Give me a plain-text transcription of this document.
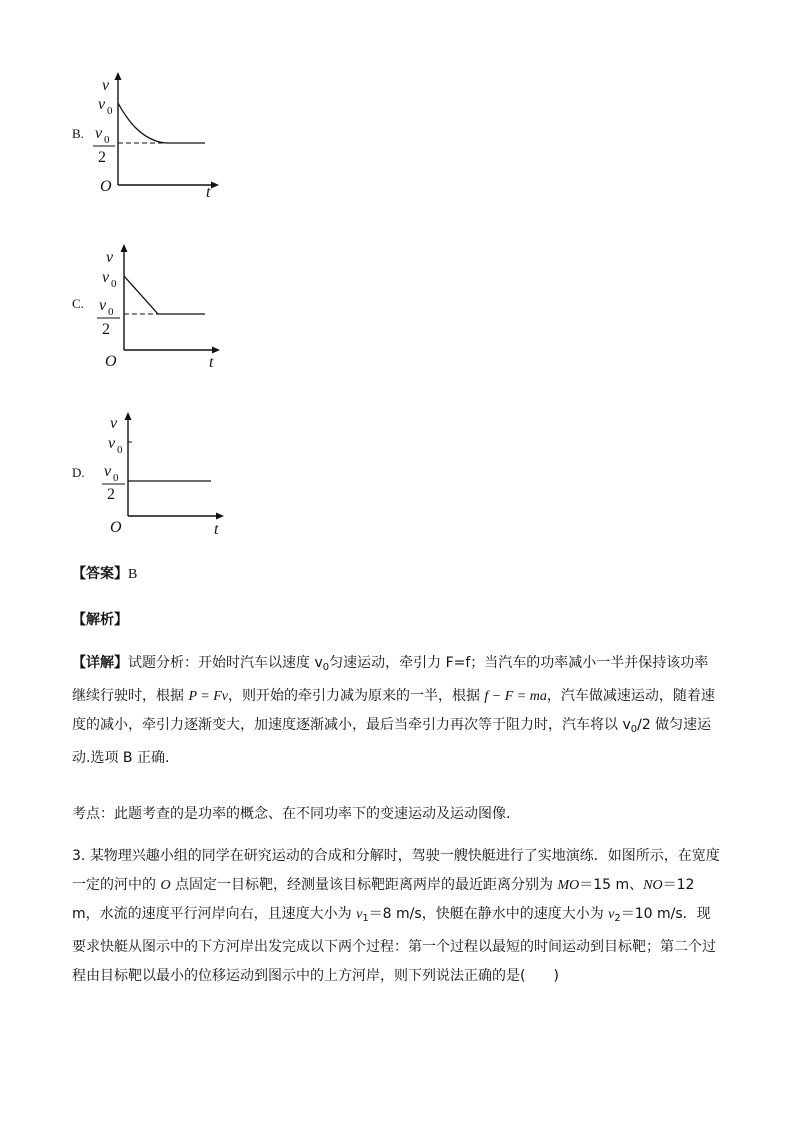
B.
v
t
O
v 0
v 0
2
C.
v
t
O
v 0
v 0
2
D.
v
t
O
v 0
v 0
2
【答案】B
【解析】
【详解】试题分析：开始时汽车以速度 $v_0$匀速运动，牵引力 F=f；当汽车的功率减小一半并保持该功率继续行驶时，根据 P = Fv，则开始的牵引力减为原来的一半，根据 f − F = ma，汽车做减速运动，随着速度的减小，牵引力逐渐变大，加速度逐渐减小，最后当牵引力再次等于阻力时，汽车将以 $v_0/2$ 做匀速运动.选项 B 正确.
考点：此题考查的是功率的概念、在不同功率下的变速运动及运动图像.
3. 某物理兴趣小组的同学在研究运动的合成和分解时，驾驶一艘快艇进行了实地演练．如图所示，在宽度一定的河中的 O 点固定一目标靶，经测量该目标靶距离两岸的最近距离分别为 MO＝15 m、NO＝12 m，水流的速度平行河岸向右，且速度大小为 $v_1=8$ m/s，快艇在静水中的速度大小为 $v_2=10$ m/s．现要求快艇从图示中的下方河岸出发完成以下两个过程：第一个过程以最短的时间运动到目标靶；第二个过程由目标靶以最小的位移运动到图示中的上方河岸，则下列说法正确的是(　　)
